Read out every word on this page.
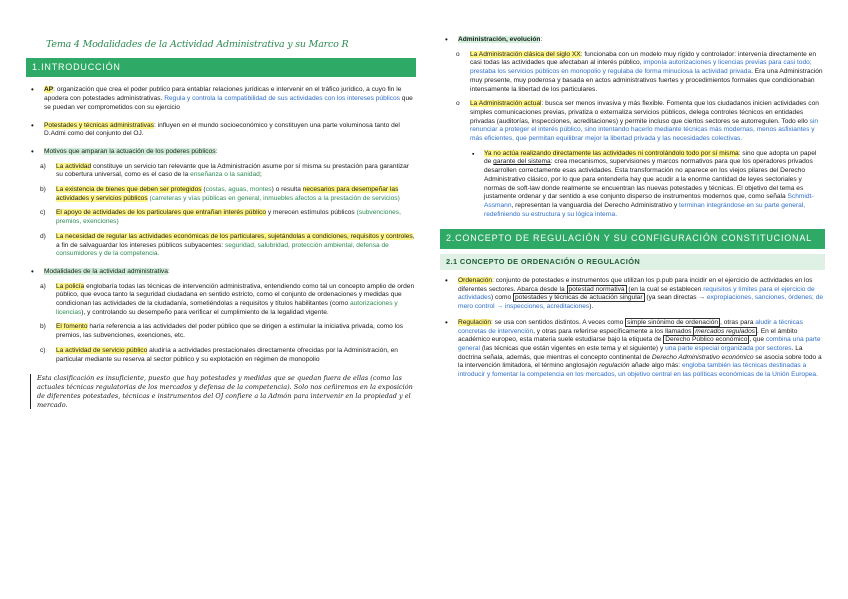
Tema 4 Modalidades de la Actividad Administrativa y su Marco R
1.INTRODUCCIÓN
• AP: organización que crea el poder publico para entablar relaciones jurídicas e intervenir en el tráfico jurídico, a cuyo fin le apodera con potestades administrativas. Regula y controla la compatibilidad de sus actividades con los intereses públicos que se puedan ver comprometidos con su ejercicio
• Potestades y técnicas administrativas: influyen en el mundo socioeconómico y constituyen una parte voluminosa tanto del D.Admi como del conjunto del OJ.
• Motivos que amparan la actuación de los poderes públicos:
a) La actividad constituye un servicio tan relevante que la Administración asume por sí misma su prestación para garantizar su cobertura universal, como es el caso de la enseñanza o la sanidad;
b) La existencia de bienes que deben ser protegidos (costas, aguas, montes) o resulta necesarios para desempeñar las actividades y servicios públicos (carreteras y vías públicas en general, inmuebles afectos a la prestación de servicios)
c) El apoyo de actividades de los particulares que entrañan interés público y merecen estímulos públicos (subvenciones, premios, exenciones)
d) La necesidad de regular las actividades económicas de los particulares, sujetándolas a condiciones, requisitos y controles, a fin de salvaguardar los intereses públicos subyacentes: seguridad, salubridad, protección ambiental, defensa de consumidores y de la competencia.
• Modalidades de la actividad administrativa:
a) La policía englobaría todas las técnicas de intervención administrativa, entendiendo como tal un concepto amplio de orden público, que evoca tanto la seguridad ciudadana en sentido estricto, como el conjunto de ordenaciones y medidas que condicionan las actividades de la ciudadanía, sometiéndolas a requisitos y títulos habilitantes (como autorizaciones y licencias), y controlando su desempeño para verificar el cumplimiento de la legalidad vigente.
b) El fomento haría referencia a las actividades del poder público que se dirigen a estimular la iniciativa privada, como los premios, las subvenciones, exenciones, etc.
c) La actividad de servicio público aludiría a actividades prestacionales directamente ofrecidas por la Administración, en particular mediante su reserva al sector público y su explotación en régimen de monopolio
Esta clasificación es insuficiente, puesto que hay potestades y medidas que se quedan fuera de ellas (como las actuales técnicas regulatorias de los mercados y defensa de la competencia). Solo nos ceñiremos en la exposición de diferentes potestades, técnicas e instrumentos del OJ confiere a la Admón para intervenir en la propiedad y el mercado.
• Administración, evolución:
o La Administración clásica del siglo XX: funcionaba con un modelo muy rígido y controlador: intervenía directamente en casi todas las actividades que afectaban al interés público, imponía autorizaciones y licencias previas para casi todo; prestaba los servicios públicos en monopolio y regulaba de forma minuciosa la actividad privada. Era una Administración muy presente, muy poderosa y basada en actos administrativos fuertes y procedimientos formales que condicionaban intensamente la libertad de los particulares.
o La Administración actual: busca ser menos invasiva y más flexible. Fomenta que los ciudadanos inicien actividades con simples comunicaciones previas, privatiza o externaliza servicios públicos, delega controles técnicos en entidades privadas (auditorías, inspecciones, acreditaciones) y permite incluso que ciertos sectores se autorregulen. Todo ello sin renunciar a proteger el interés público, sino intentando hacerlo mediante técnicas más modernas, menos asfixiantes y más eficientes, que permitan equilibrar mejor la libertad privada y las necesidades colectivas.
▪ Ya no actúa realizando directamente las actividades ni controlándolo todo por sí misma: sino que adopta un papel de garante del sistema: crea mecanismos, supervisiones y marcos normativos para que los operadores privados desarrollen correctamente esas actividades. Esta transformación no aparece en los viejos pilares del Derecho Administrativo clásico, por lo que para entenderla hay que acudir a la enorme cantidad de leyes sectoriales y normas de soft-law donde realmente se encuentran las nuevas potestades y técnicas. El objetivo del tema es justamente ordenar y dar sentido a ese conjunto disperso de instrumentos modernos que, como señala Schmidt-Assmann, representan la vanguardia del Derecho Administrativo y terminan integrándose en su parte general, redefiniendo su estructura y su lógica interna.
2.CONCEPTO DE REGULACIÓN Y SU CONFIGURACIÓN CONSTITUCIONAL
2.1 CONCEPTO DE ORDENACIÓN O REGULACIÓN
• Ordenación: conjunto de potestades e instrumentos que utilizan los p.pub para incidir en el ejercicio de actividades en los diferentes sectores. Abarca desde la potestad normativa (en la cual se establecen requisitos y límites para el ejercicio de actividades) como potestades y técnicas de actuación singular (ya sean directas → expropiaciones, sanciones, órdenes; de mero control → inspecciones, acreditaciones).
• Regulación: se usa con sentidos distintos. A veces como simple sinónimo de ordenación , otras para aludir a técnicas concretas de intervención, y otras para referirse específicamente a los llamados mercados regulados . En el ámbito académico europeo, esta materia suele estudiarse bajo la etiqueta de Derecho Público económico , que combina una parte general (las técnicas que están vigentes en este tema y el siguiente) y una parte especial organizada por sectores. La doctrina señala, además, que mientras el concepto continental de Derecho Administrativo económico se asocia sobre todo a la intervención limitadora, el término anglosajón regulación añade algo más: engloba también las técnicas destinadas a introducir y fomentar la competencia en los mercados, un objetivo central en las políticas económicas de la Unión Europea.
